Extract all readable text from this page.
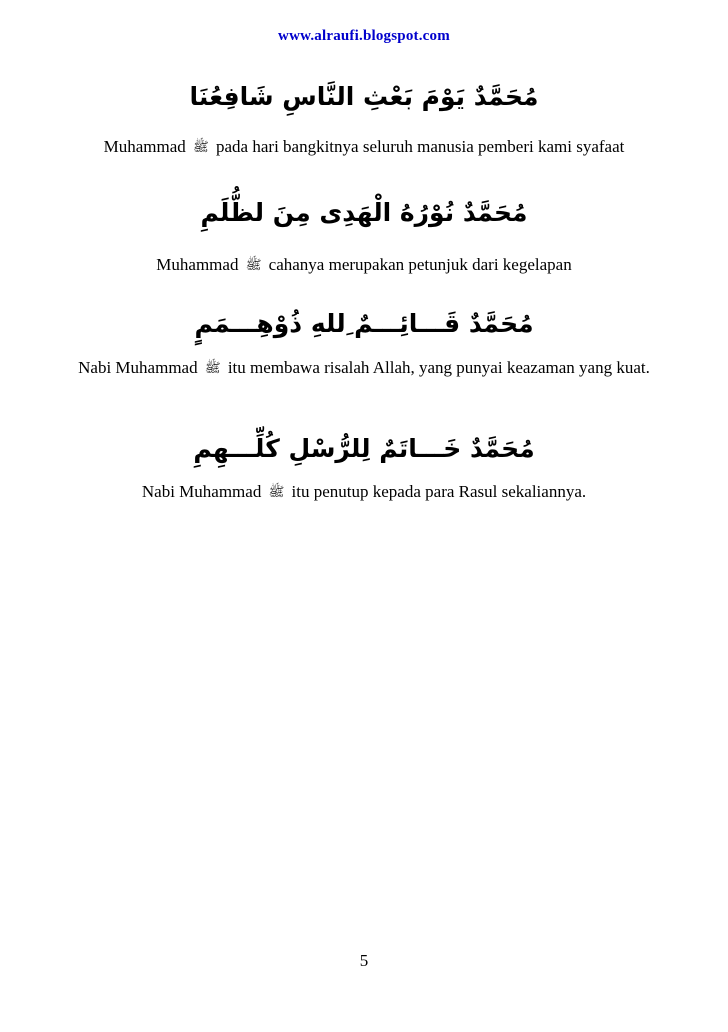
www.alraufi.blogspot.com
مُحَمَّدٌ يَوْمَ بَعْثِ النَّاسِ شَافِعُنَا
Muhammad ﷺ pada hari bangkitnya seluruh manusia pemberi kami syafaat
مُحَمَّدٌ نُوْرُهُ الْهَدِى مِنَ لظُّلَمِ
Muhammad ﷺ cahanya merupakan petunjuk dari kegelapan
مُحَمَّدٌ قَـــائِـــمٌ ِللهِ ذُوْهِـــمَمٍ
Nabi Muhammad ﷺ itu membawa risalah Allah, yang punyai keazaman yang kuat.
مُحَمَّدٌ خَـــاتَمٌ لِلرُّسْلِ كُلِّـــهِمِ
Nabi Muhammad ﷺ itu penutup kepada para Rasul sekaliannya.
5
